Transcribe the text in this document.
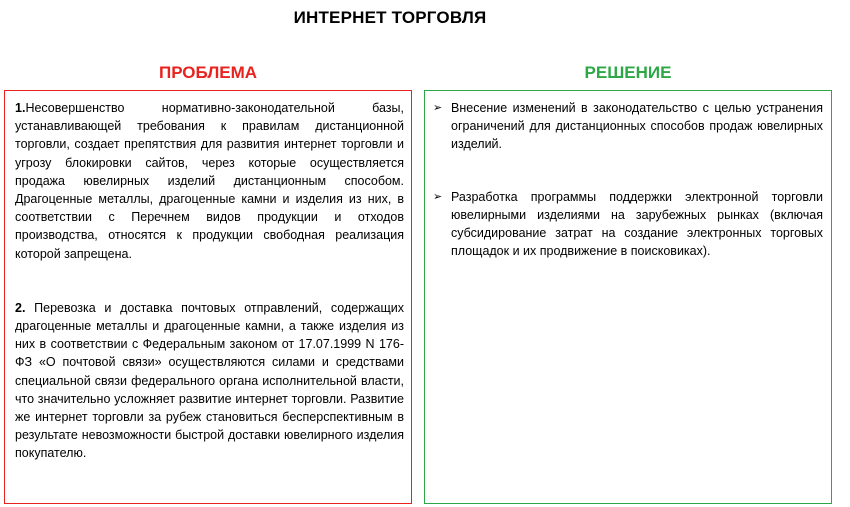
ИНТЕРНЕТ ТОРГОВЛЯ
ПРОБЛЕМА	РЕШЕНИЕ

1.Несовершенство нормативно-законодательной базы, устанавливающей требования к правилам дистанционной торговли, создает препятствия для развития интернет торговли и угрозу блокировки сайтов, через которые осуществляется продажа ювелирных изделий дистанционным способом. Драгоценные металлы, драгоценные камни и изделия из них, в соответствии с Перечнем видов продукции и отходов производства, относятся к продукции свободная реализация которой запрещена.

2. Перевозка и доставка почтовых отправлений, содержащих драгоценные металлы и драгоценные камни, а также изделия из них в соответствии с Федеральным законом от 17.07.1999 N 176-ФЗ «О почтовой связи» осуществляются силами и средствами специальной связи федерального органа исполнительной власти, что значительно усложняет развитие интернет торговли. Развитие же интернет торговли за рубеж становиться бесперспективным в результате невозможности быстрой доставки ювелирного изделия покупателю.

➢ Внесение изменений в законодательство с целью устранения ограничений для дистанционных способов продаж ювелирных изделий.
➢ Разработка программы поддержки электронной торговли ювелирными изделиями на зарубежных рынках (включая субсидирование затрат на создание электронных торговых площадок и их продвижение в поисковиках).
